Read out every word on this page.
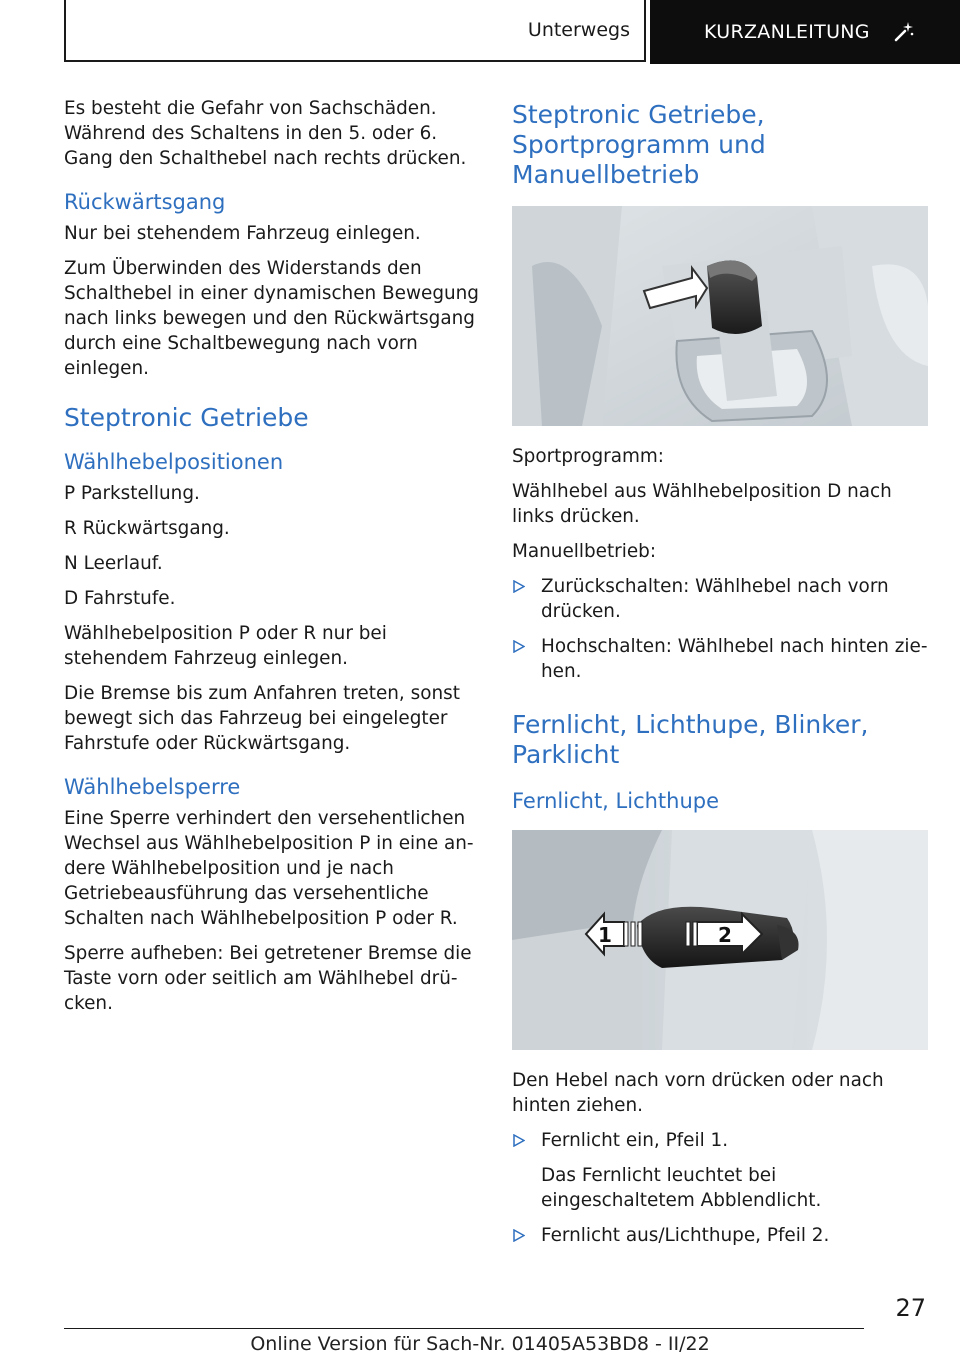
Unterwegs	KURZANLEITUNG

Es besteht die Gefahr von Sachschäden. Während des Schaltens in den 5. oder 6. Gang den Schalthebel nach rechts drücken.

Rückwärtsgang

Nur bei stehendem Fahrzeug einlegen.

Zum Überwinden des Widerstands den Schalthebel in einer dynamischen Bewegung nach links bewegen und den Rückwärtsgang durch eine Schaltbewegung nach vorn einlegen.

Steptronic Getriebe
Wählhebelpositionen

P Parkstellung.

R Rückwärtsgang.

N Leerlauf.

D Fahrstufe.

Wählhebelposition P oder R nur bei stehendem Fahrzeug einlegen.

Die Bremse bis zum Anfahren treten, sonst bewegt sich das Fahrzeug bei eingelegter Fahrstufe oder Rückwärtsgang.

Wählhebelsperre

Eine Sperre verhindert den versehentlichen Wechsel aus Wählhebelposition P in eine andere Wählhebelposition und je nach Getriebeausführung das versehentliche Schalten nach Wählhebelposition P oder R.

Sperre aufheben: Bei getretener Bremse die Taste vorn oder seitlich am Wählhebel drücken.

Steptronic Getriebe, Sportprogramm und Manuellbetrieb

Sportprogramm:

Wählhebel aus Wählhebelposition D nach links drücken.

Manuellbetrieb:

Zurückschalten: Wählhebel nach vorn drücken.
Hochschalten: Wählhebel nach hinten ziehen.
Fernlicht, Lichthupe, Blinker, Parklicht
Fernlicht, Lichthupe
1	2

Den Hebel nach vorn drücken oder nach hinten ziehen.

Fernlicht ein, Pfeil 1.
Das Fernlicht leuchtet bei eingeschaltetem Abblendlicht.
Fernlicht aus/Lichthupe, Pfeil 2.
27
Online Version für Sach-Nr. 01405A53BD8 - II/22
